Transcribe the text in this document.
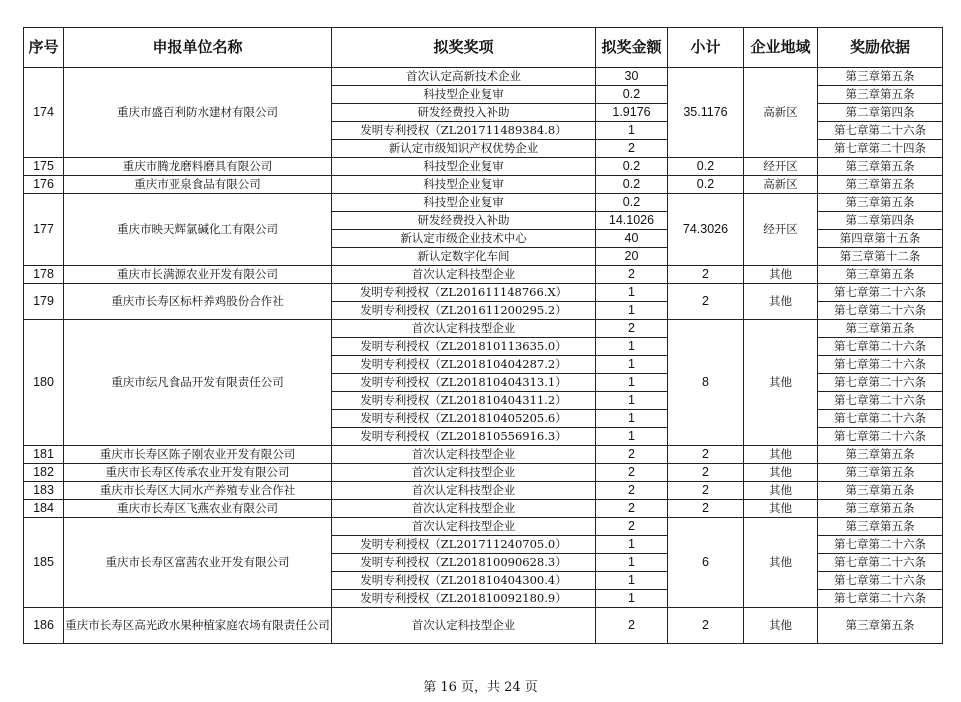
序号	申报单位名称	拟奖奖项	拟奖金额	小计	企业地域	奖励依据
174	重庆市盛百利防水建材有限公司	首次认定高新技术企业	30	35.1176	高新区	第三章第五条
		科技型企业复审	0.2			第三章第五条
		研发经费投入补助	1.9176			第二章第四条
		发明专利授权（ZL201711489384.8）	1			第七章第二十六条
		新认定市级知识产权优势企业	2			第七章第二十四条
175	重庆市腾龙磨料磨具有限公司	科技型企业复审	0.2	0.2	经开区	第三章第五条
176	重庆市亚泉食品有限公司	科技型企业复审	0.2	0.2	高新区	第三章第五条
177	重庆市映天辉氯碱化工有限公司	科技型企业复审	0.2	74.3026	经开区	第三章第五条
		研发经费投入补助	14.1026			第二章第四条
		新认定市级企业技术中心	40			第四章第十五条
		新认定数字化车间	20			第三章第十二条
178	重庆市长满源农业开发有限公司	首次认定科技型企业	2	2	其他	第三章第五条
179	重庆市长寿区标杆养鸡股份合作社	发明专利授权（ZL201611148766.X）	1	2	其他	第七章第二十六条
		发明专利授权（ZL201611200295.2）	1			第七章第二十六条
180	重庆市纭凡食品开发有限责任公司	首次认定科技型企业	2	8	其他	第三章第五条
		发明专利授权（ZL201810113635.0）	1			第七章第二十六条
		发明专利授权（ZL201810404287.2）	1			第七章第二十六条
		发明专利授权（ZL201810404313.1）	1			第七章第二十六条
		发明专利授权（ZL201810404311.2）	1			第七章第二十六条
		发明专利授权（ZL201810405205.6）	1			第七章第二十六条
		发明专利授权（ZL201810556916.3）	1			第七章第二十六条
181	重庆市长寿区陈子刚农业开发有限公司	首次认定科技型企业	2	2	其他	第三章第五条
182	重庆市长寿区传承农业开发有限公司	首次认定科技型企业	2	2	其他	第三章第五条
183	重庆市长寿区大同水产养殖专业合作社	首次认定科技型企业	2	2	其他	第三章第五条
184	重庆市长寿区飞燕农业有限公司	首次认定科技型企业	2	2	其他	第三章第五条
185	重庆市长寿区富茜农业开发有限公司	首次认定科技型企业	2	6	其他	第三章第五条
		发明专利授权（ZL201711240705.0）	1			第七章第二十六条
		发明专利授权（ZL201810090628.3）	1			第七章第二十六条
		发明专利授权（ZL201810404300.4）	1			第七章第二十六条
		发明专利授权（ZL201810092180.9）	1			第七章第二十六条
186	重庆市长寿区高光政水果种植家庭农场有限责任公司	首次认定科技型企业	2	2	其他	第三章第五条
第 16 页，共 24 页
